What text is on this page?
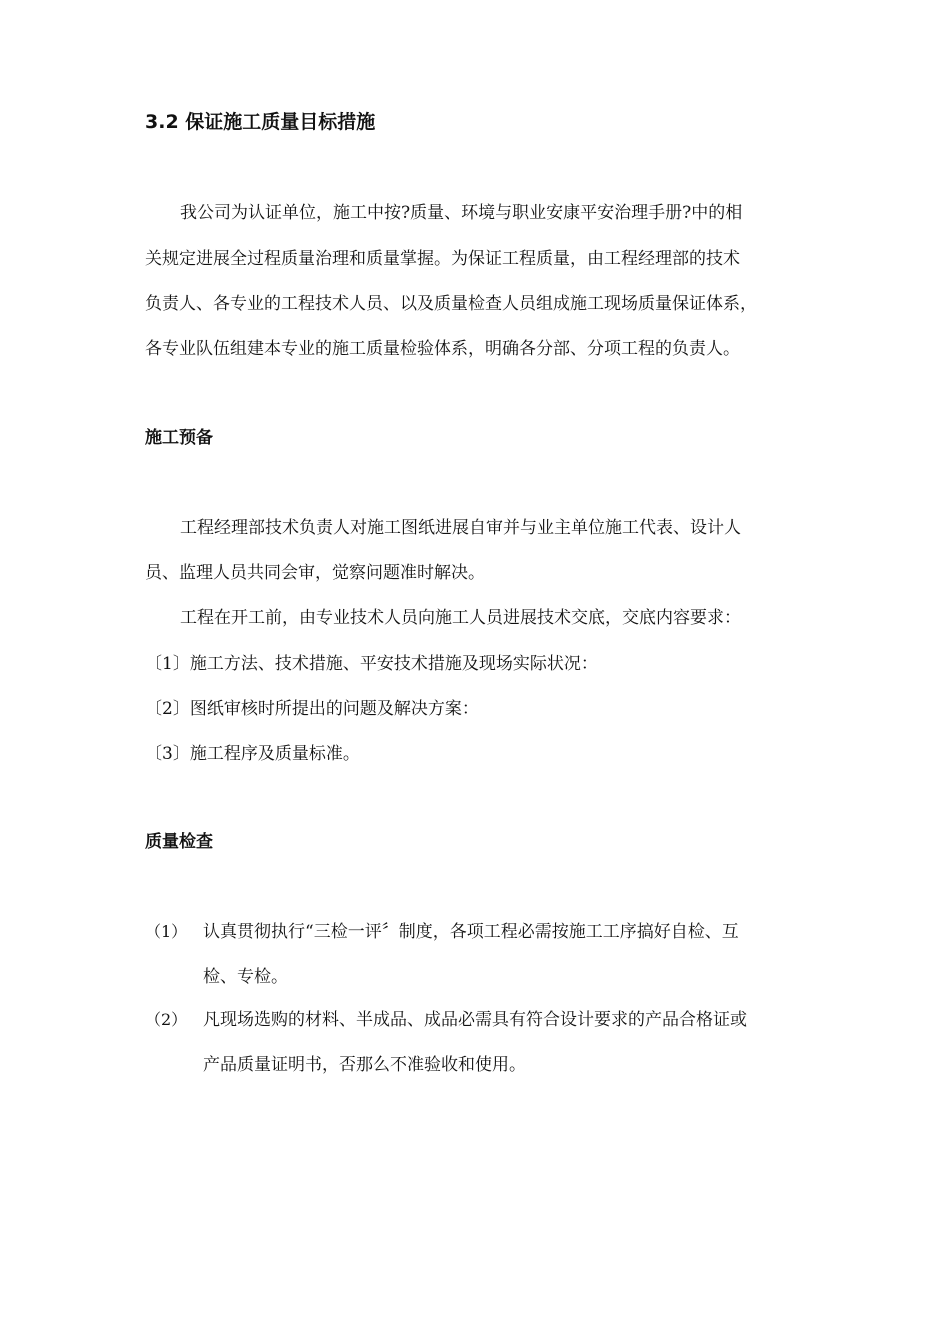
3.2 保证施工质量目标措施
我公司为认证单位，施工中按?质量、环境与职业安康平安治理手册?中的相
关规定进展全过程质量治理和质量掌握。为保证工程质量，由工程经理部的技术
负责人、各专业的工程技术人员、以及质量检查人员组成施工现场质量保证体系，
各专业队伍组建本专业的施工质量检验体系，明确各分部、分项工程的负责人。
施工预备
工程经理部技术负责人对施工图纸进展自审并与业主单位施工代表、设计人
员、监理人员共同会审，觉察问题准时解决。
工程在开工前，由专业技术人员向施工人员进展技术交底，交底内容要求：
〔1〕施工方法、技术措施、平安技术措施及现场实际状况：
〔2〕图纸审核时所提出的问题及解决方案：
〔3〕施工程序及质量标准。
质量检查
（1） 认真贯彻执行“三检一评〞制度，各项工程必需按施工工序搞好自检、互
检、专检。
（2） 凡现场选购的材料、半成品、成品必需具有符合设计要求的产品合格证或
产品质量证明书，否那么不准验收和使用。
